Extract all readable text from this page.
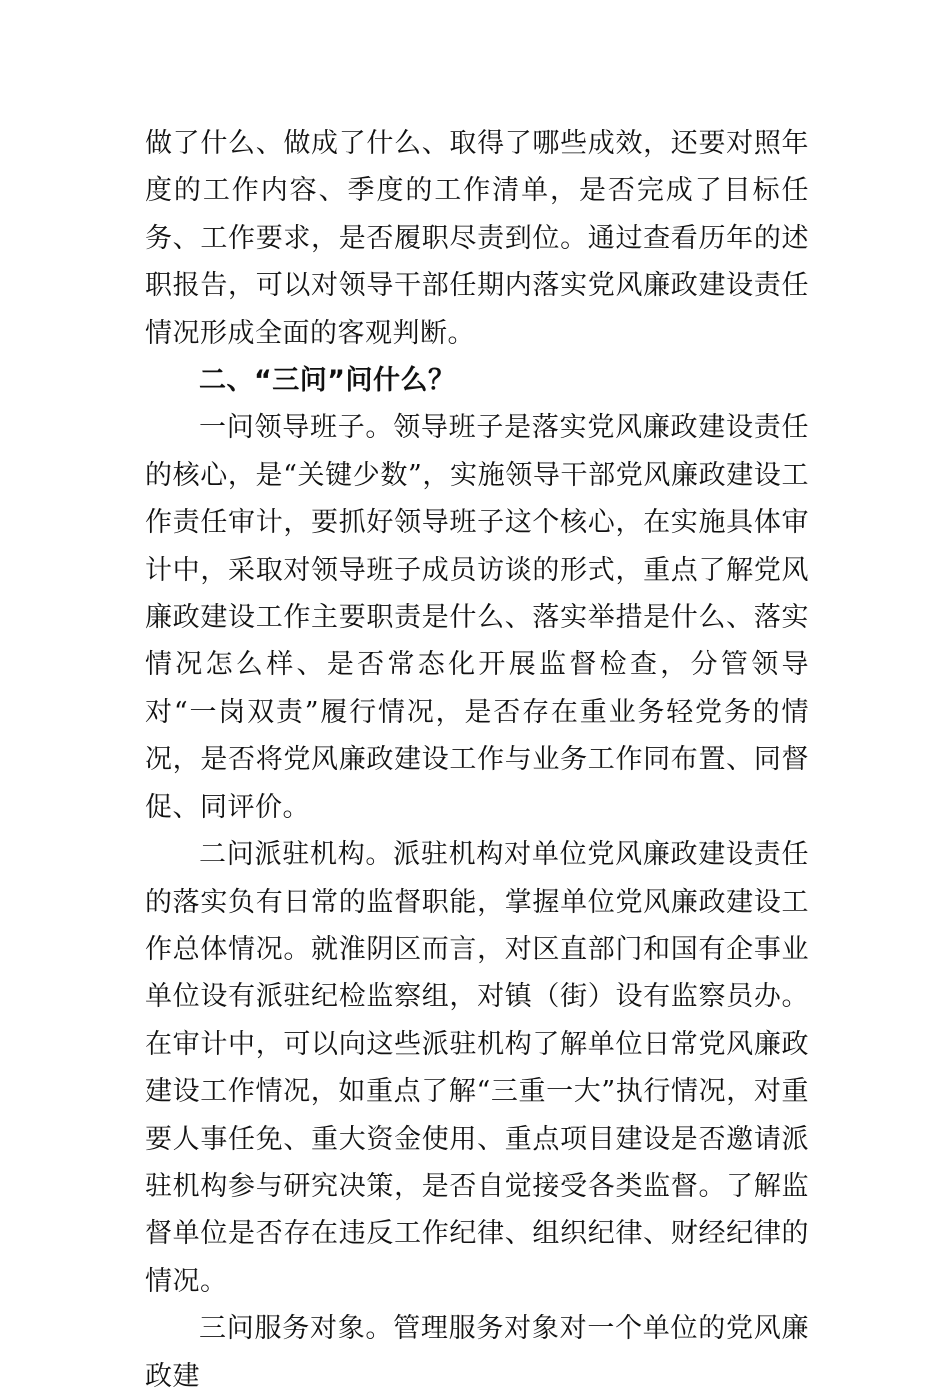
做了什么、做成了什么、取得了哪些成效，还要对照年度的工作内容、季度的工作清单，是否完成了目标任务、工作要求，是否履职尽责到位。通过查看历年的述职报告，可以对领导干部任期内落实党风廉政建设责任情况形成全面的客观判断。

二、“三问”问什么？

一问领导班子。领导班子是落实党风廉政建设责任的核心，是“关键少数”，实施领导干部党风廉政建设工作责任审计，要抓好领导班子这个核心，在实施具体审计中，采取对领导班子成员访谈的形式，重点了解党风廉政建设工作主要职责是什么、落实举措是什么、落实情况怎么样、是否常态化开展监督检查，分管领导对“一岗双责”履行情况，是否存在重业务轻党务的情况，是否将党风廉政建设工作与业务工作同布置、同督促、同评价。

二问派驻机构。派驻机构对单位党风廉政建设责任的落实负有日常的监督职能，掌握单位党风廉政建设工作总体情况。就淮阴区而言，对区直部门和国有企事业单位设有派驻纪检监察组，对镇（街）设有监察员办。在审计中，可以向这些派驻机构了解单位日常党风廉政建设工作情况，如重点了解“三重一大”执行情况，对重要人事任免、重大资金使用、重点项目建设是否邀请派驻机构参与研究决策，是否自觉接受各类监督。了解监督单位是否存在违反工作纪律、组织纪律、财经纪律的情况。

三问服务对象。管理服务对象对一个单位的党风廉政建
